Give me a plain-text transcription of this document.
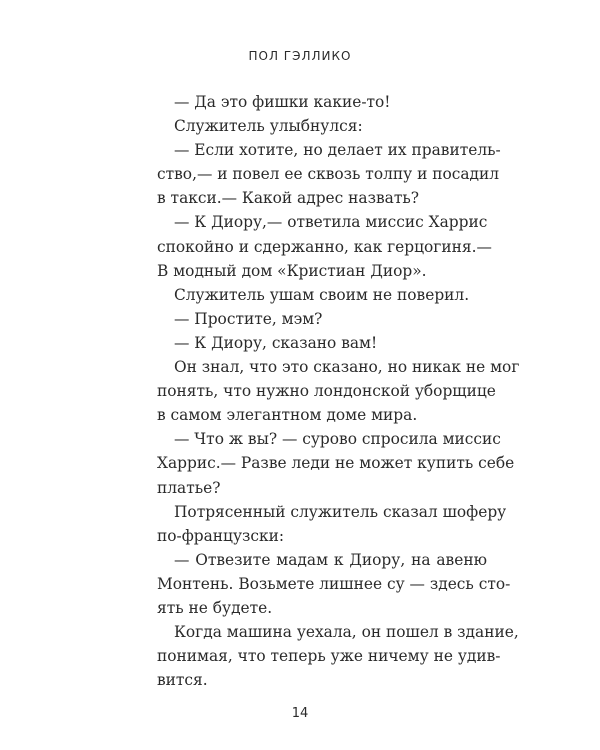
ПОЛ ГЭЛЛИКО
— Да это фишки какие-то!
Служитель улыбнулся:
— Если хотите, но делает их правитель-
ство,— и повел ее сквозь толпу и посадил
в такси.— Какой адрес назвать?
— К Диору,— ответила миссис Харрис
спокойно и сдержанно, как герцогиня.—
В модный дом «Кристиан Диор».
Служитель ушам своим не поверил.
— Простите, мэм?
— К Диору, сказано вам!
Он знал, что это сказано, но никак не мог
понять, что нужно лондонской уборщице
в самом элегантном доме мира.
— Что ж вы? — сурово спросила миссис
Харрис.— Разве леди не может купить себе
платье?
Потрясенный служитель сказал шоферу
по-французски:
— Отвезите мадам к Диору, на авеню
Монтень. Возьмете лишнее су — здесь сто-
ять не будете.
Когда машина уехала, он пошел в здание,
понимая, что теперь уже ничему не удив-
вится.
14
